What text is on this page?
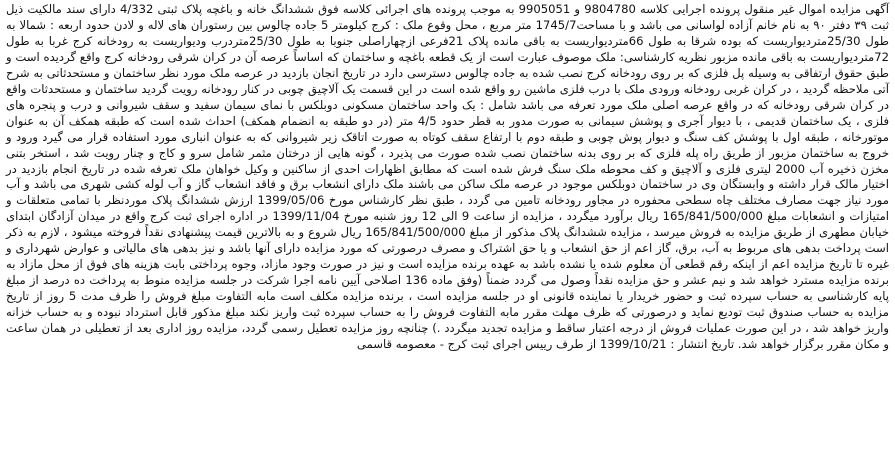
آگهی مزایده اموال غیر منقول پرونده اجرایی کلاسه 9804780 و 9905051 به موجب پرونده های اجرائی کلاسه فوق ششدانگ خانه و باغچه پلاک ثبتی 4/332 دارای سند مالکیت ذیل ثبت ۳۹ دفتر ۹۰ به نام خانم آزاده لواسانی می باشد و با مساحت1745/7 متر مربع ، محل وقوع ملک : کرج کیلومتر 5 جاده چالوس بین رستوران های لاله و لادن حدود اربعه : شمالا به طول 25/30مترديواريست که بوده شرقا به طول 66مترديواريست به باقی مانده پلاک 21فرعی ازچهاراصلی جنوبا به طول 25/30متردرب وديواريست به رودخانه کرج غربا به طول 72مترديواريست به باقی مانده مزبور نظریه کارشناسی: ملک موصوف عبارت است از یک قطعه باغچه و ساختمان که اساساً عرصه آن در کران شرقی رودخانه کرج واقع گردیده است و طبق حقوق ارتفاقی به وسیله پل فلزی که بر روی رودخانه کرج نصب شده به جاده چالوس دسترسی دارد در تاریخ انجان بازدید در عرصه ملک مورد نظر ساختمان و مستحدثاتی به شرح آتی ملاحظه گردید ، در کران غربی رودخانه ورودی ملک با درب فلزی ماشین رو واقع شده است در این قسمت یک آلاچیق چوبی در کنار رودخانه رویت گردید ساختمان و مستحدثات واقع در کران شرقی رودخانه که در واقع عرصه اصلی ملک مورد تعرفه می باشد شامل : یک واحد ساختمان مسکونی دوبلکس با نمای سیمان سفید و سقف شیروانی و درب و پنجره های فلزی ، یک ساختمان قدیمی ، با دیوار آجری و پوشش سیمانی به صورت مدور به قطر حدود 4/5 متر (در دو طبقه به انضمام همکف) احداث شده است که طبقه همکف آن به عنوان موتورخانه ، طبقه اول با پوشش کف سنگ و دیوار پوش چوبی و طبقه دوم با ارتفاع سقف کوتاه به صورت اتاقک زیر شیروانی که به عنوان انباری مورد استفاده قرار می گیرد ورود و خروج به ساختمان مزبور از طریق راه پله فلزی که بر روی بدنه ساختمان نصب شده صورت می پذیرد ، گونه هایی از درختان مثمر شامل سرو و کاج و چنار رویت شد ، استخر بتنی مخزن ذخیره آب 2000 لیتری فلزی و آلاچیق و کف محوطه ملک سنگ فرش شده است که مطابق اظهارات احدی از ساکنین و وکیل خواهان ملک تعرفه شده در تاریخ انجام بازدید در اختیار مالک قرار داشته و وابستگان وی در ساختمان دوبلکس موجود در عرصه ملک ساکن می باشند ملک دارای انشعاب برق و فاقد انشعاب گاز و آب لوله کشی شهری می باشد و آب مورد نیاز جهت مصارف مختلف چاه سطحی محفوره در مجاور رودخانه تامین می گردد ، طبق نظر کارشناس مورخ 1399/05/06 ارزش ششدانگ پلاک موردنظر با تمامی متعلقات و امتیازات و انشعابات مبلغ 165/841/500/000 ریال برآورد میگردد ، مزایده از ساعت 9 الی 12 روز شنبه مورخ 1399/11/04 در اداره اجرای ثبت کرج واقع در میدان آزادگان ابتدای خیابان مطهری از طریق مزایده به فروش میرسد ، مزایده ششدانگ پلاک مذکور از مبلغ 165/841/500/000 ریال شروع و به بالاترین قیمت پیشنهادی نقداً فروخته میشود ، لازم به ذکر است پرداخت بدهی های مربوط به آب، برق، گاز اعم از حق انشعاب و یا حق اشتراک و مصرف درصورتی که مورد مزایده دارای آنها باشد و نیز بدهی های مالیاتی و عوارض شهرداری و غیره تا تاریخ مزایده اعم از اینکه رقم قطعی آن معلوم شده یا نشده باشد به عهده برنده مزایده است و نیز در صورت وجود مازاد، وجوه پرداختی بابت هزینه های فوق از محل مازاد به برنده مزایده مسترد خواهد شد و نیم عشر و حق مزایده نقداً وصول می گردد ضمناً (وفق ماده 136 اصلاحی آیین نامه اجرا شرکت در جلسه مزایده منوط به پرداخت ده درصد از مبلغ پایه کارشناسی به حساب سپرده ثبت و حضور خریدار یا نماینده قانونی او در جلسه مزایده است ، برنده مزایده مکلف است مابه التفاوت مبلغ فروش را ظرف مدت 5 روز از تاریخ مزایده به حساب صندوق ثبت تودیع نماید و درصورتی که ظرف مهلت مقرر مابه التفاوت فروش را به حساب سپرده ثبت واریز نکند مبلغ مذکور قابل استرداد نبوده و به حساب خزانه واریز خواهد شد ، در این صورت عملیات فروش از درجه اعتبار ساقط و مزایده تجدید میگردد .) چنانچه روز مزایده تعطیل رسمی گردد، مزایده روز اداری بعد از تعطیلی در همان ساعت و مکان مقرر برگزار خواهد شد. تاریخ انتشار : 1399/10/21 از طرف رییس اجرای ثبت کرج - معصومه قاسمی
